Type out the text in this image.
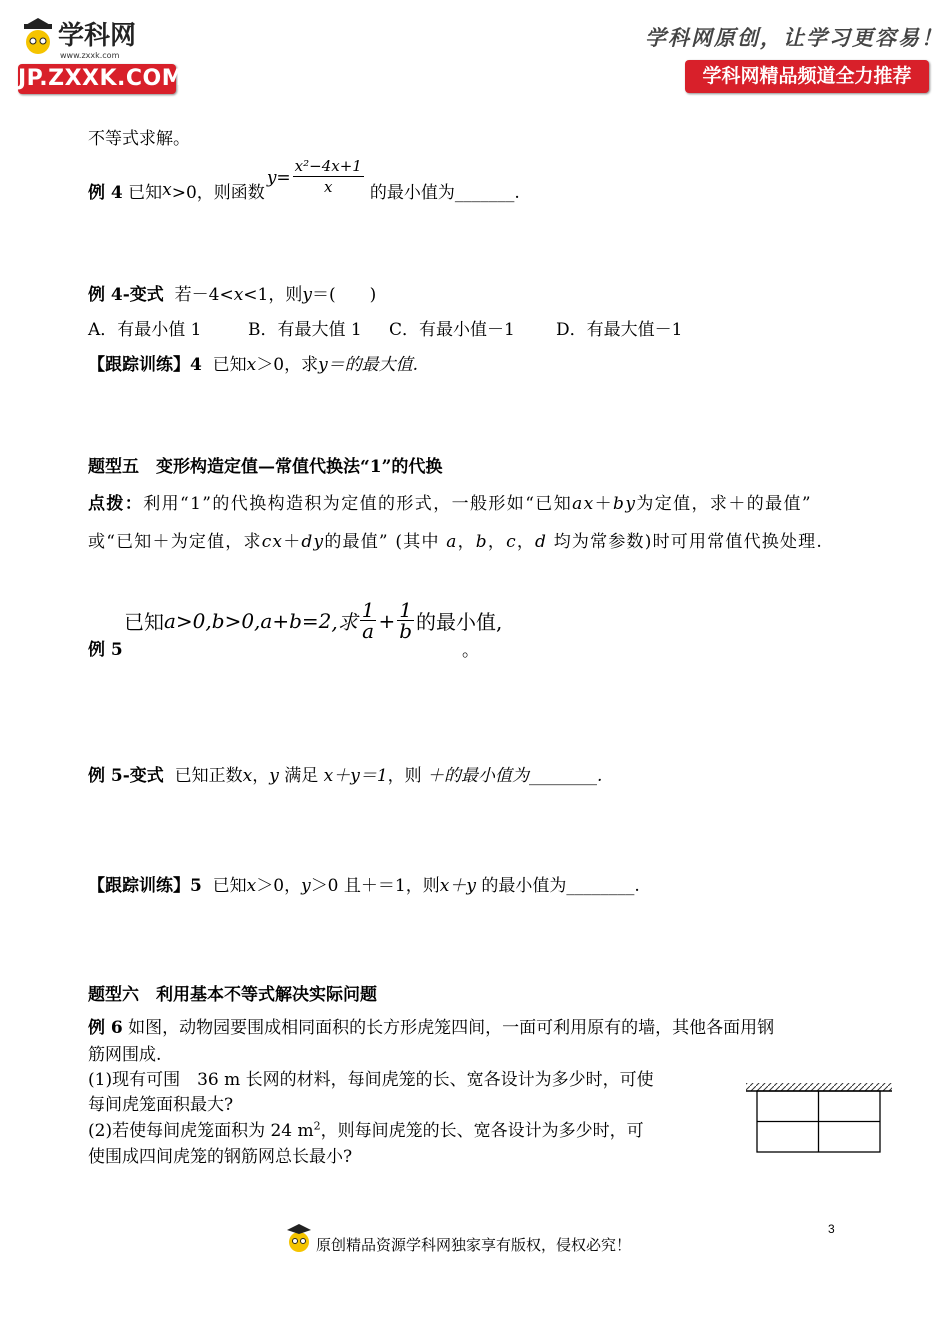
学科网
www.zxxk.com
JP.ZXXK.COM
学科网原创，让学习更容易！
学科网精品频道全力推荐
不等式求解。
例 4
已知 x >0，则函数
$y= \frac{\text{x²−4x+1}}{x}$ 的最小值为_______.
例 4-变式 若－4<x<1，则y＝(　　)
A．有最小值 1	B．有最大值 1 C．有最小值－1 D．有最大值－1
【跟踪训练】4 已知x＞0，求y＝的最大值.
题型五　变形构造定值—常值代换法“1”的代换
点拨：利用“1”的代换构造积为定值的形式，一般形如“已知ax＋by为定值，求＋的最值”
或“已知＋为定值，求cx＋dy的最值” (其中 a，b，c，d 均为常参数)时可用常值代换处理.
已知 a>0,b>0,a+b=2 ,求 $\frac{1}{a} + \frac{1}{b}$ 的最小值,
例 5	。
例 5-变式 已知正数x，y 满足 x＋y＝1，则 ＋的最小值为________.
【跟踪训练】5 已知x＞0，y＞0 且＋＝1，则x＋y 的最小值为________.
题型六　利用基本不等式解决实际问题
例 6 如图，动物园要围成相同面积的长方形虎笼四间，一面可利用原有的墙，其他各面用钢
筋网围成.
(1)现有可围　36 m 长网的材料，每间虎笼的长、宽各设计为多少时，可使
每间虎笼面积最大?
(2)若使每间虎笼面积为 24 $m^2$，则每间虎笼的长、宽各设计为多少时，可
使围成四间虎笼的钢筋网总长最小?
3
原创精品资源学科网独家享有版权，侵权必究！
